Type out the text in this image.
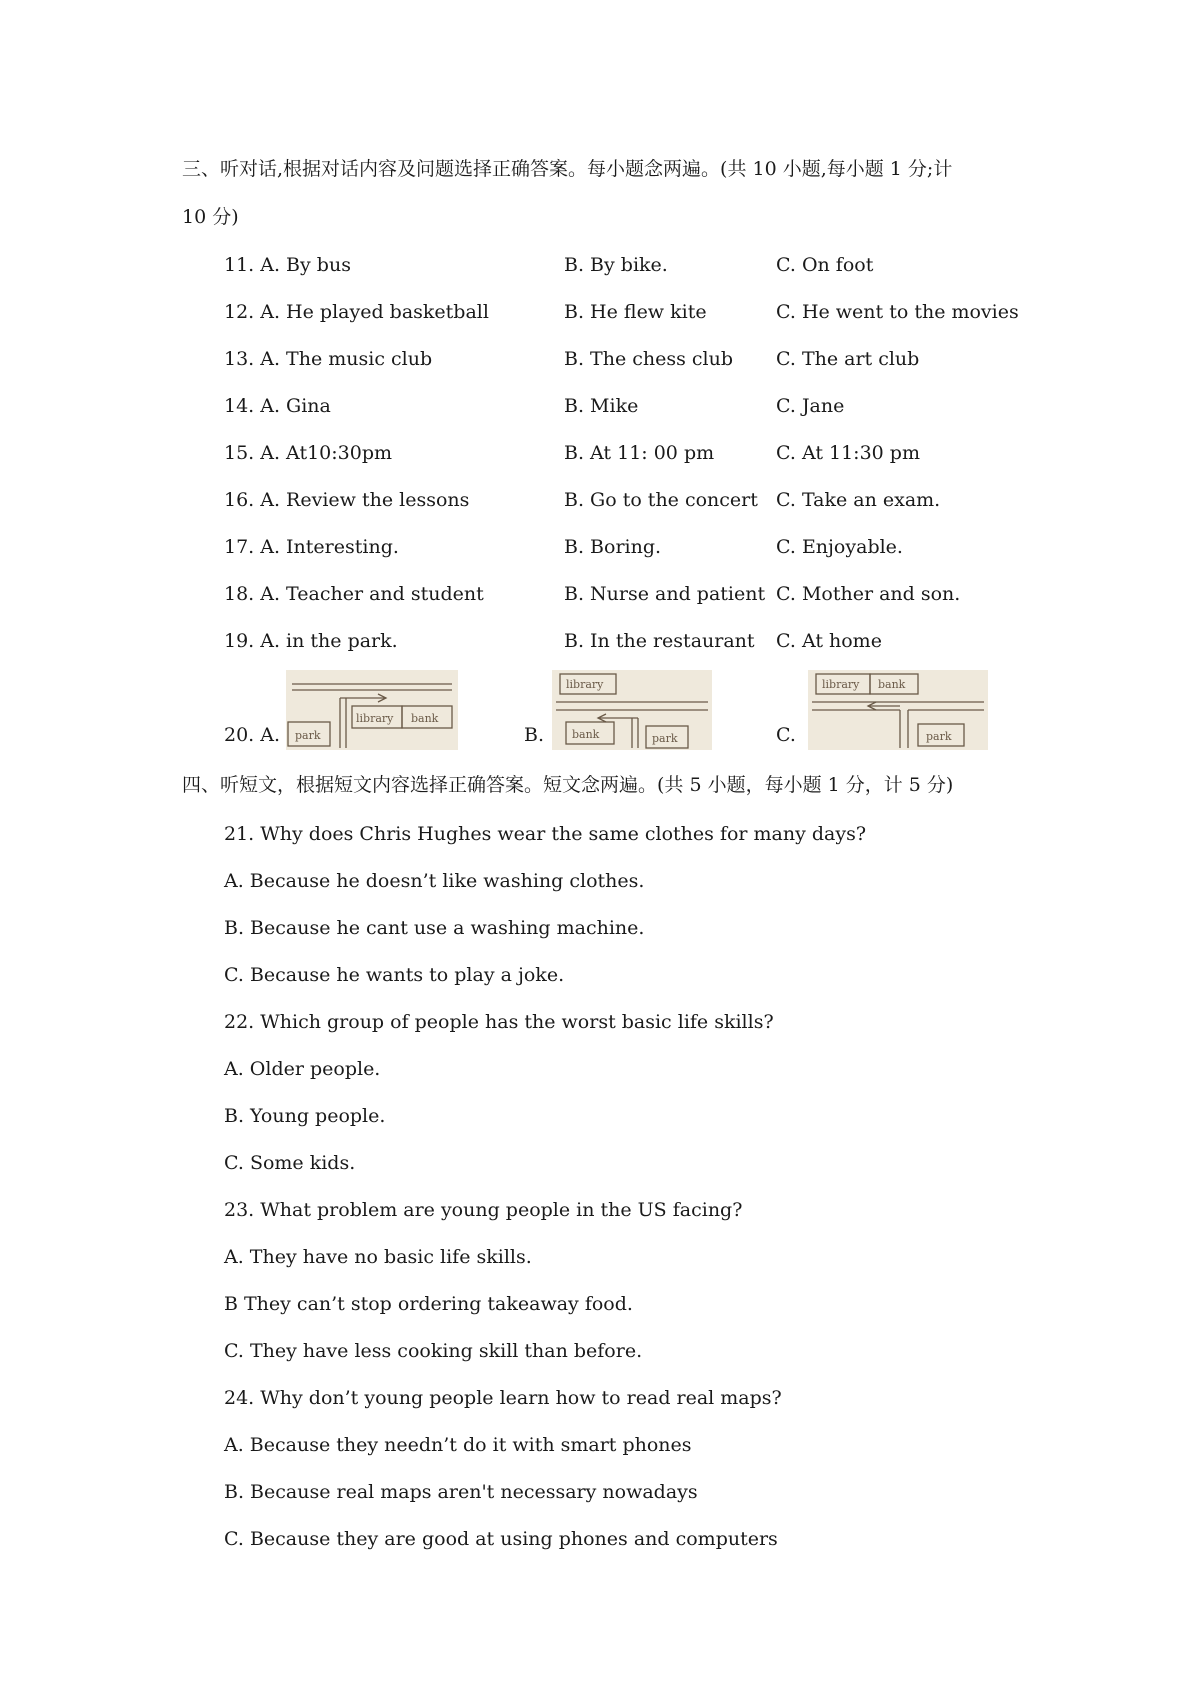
三、听对话,根据对话内容及问题选择正确答案。每小题念两遍。(共 10 小题,每小题 1 分;计
10 分)
11. A. By bus	B. By bike.	C. On foot
12. A. He played basketball	B. He flew kite	C. He went to the movies
13. A. The music club	B. The chess club C. The art club
14. A. Gina	B. Mike	C. Jane
15. A. At10:30pm	B. At 11: 00 pm	C. At 11:30 pm
16. A. Review the lessons	B. Go to the concert C. Take an exam.
17. A. Interesting.	B. Boring.	C. Enjoyable.
18. A. Teacher and student	B. Nurse and patient C. Mother and son.
19. A. in the park.	B. In the restaurant C. At home
20. A. park
library bank
B.
library
bank	park	C.
library bank
park
四、听短文，根据短文内容选择正确答案。短文念两遍。(共 5 小题，每小题 1 分，计 5 分)
21. Why does Chris Hughes wear the same clothes for many days?
A. Because he doesn’t like washing clothes.
B. Because he cant use a washing machine.
C. Because he wants to play a joke.
22. Which group of people has the worst basic life skills?
A. Older people.
B. Young people.
C. Some kids.
23. What problem are young people in the US facing?
A. They have no basic life skills.
B They can’t stop ordering takeaway food.
C. They have less cooking skill than before.
24. Why don’t young people learn how to read real maps?
A. Because they needn’t do it with smart phones
B. Because real maps aren't necessary nowadays
C. Because they are good at using phones and computers
